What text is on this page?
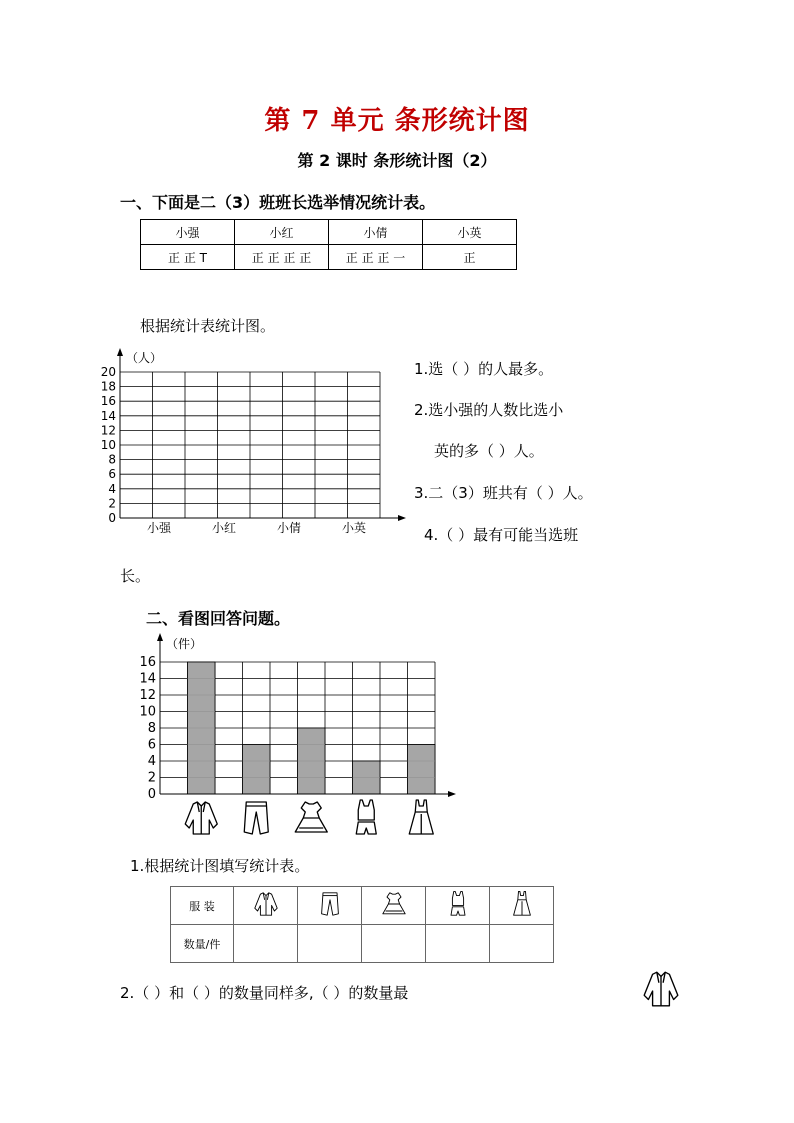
第 7 单元 条形统计图
第 2 课时 条形统计图（2）
一、下面是二（3）班班长选举情况统计表。
小强	小红	小倩	小英
正 正 T	正 正 正 正	正 正 正 一	正
根据统计表统计图。
（人）
20
18
16
14
12
10
8
6
4
2
0
小强	小红	小倩	小英
1.选（ ）的人最多。
2.选小强的人数比选小
英的多（ ）人。
3.二（3）班共有（ ）人。
4.（ ）最有可能当选班
长。
二、看图回答问题。
（件）
16
14
12
10
8
6
4
2
0
1.根据统计图填写统计表。
服 装					
数量/件					
2.（ ）和（ ）的数量同样多,（ ）的数量最
